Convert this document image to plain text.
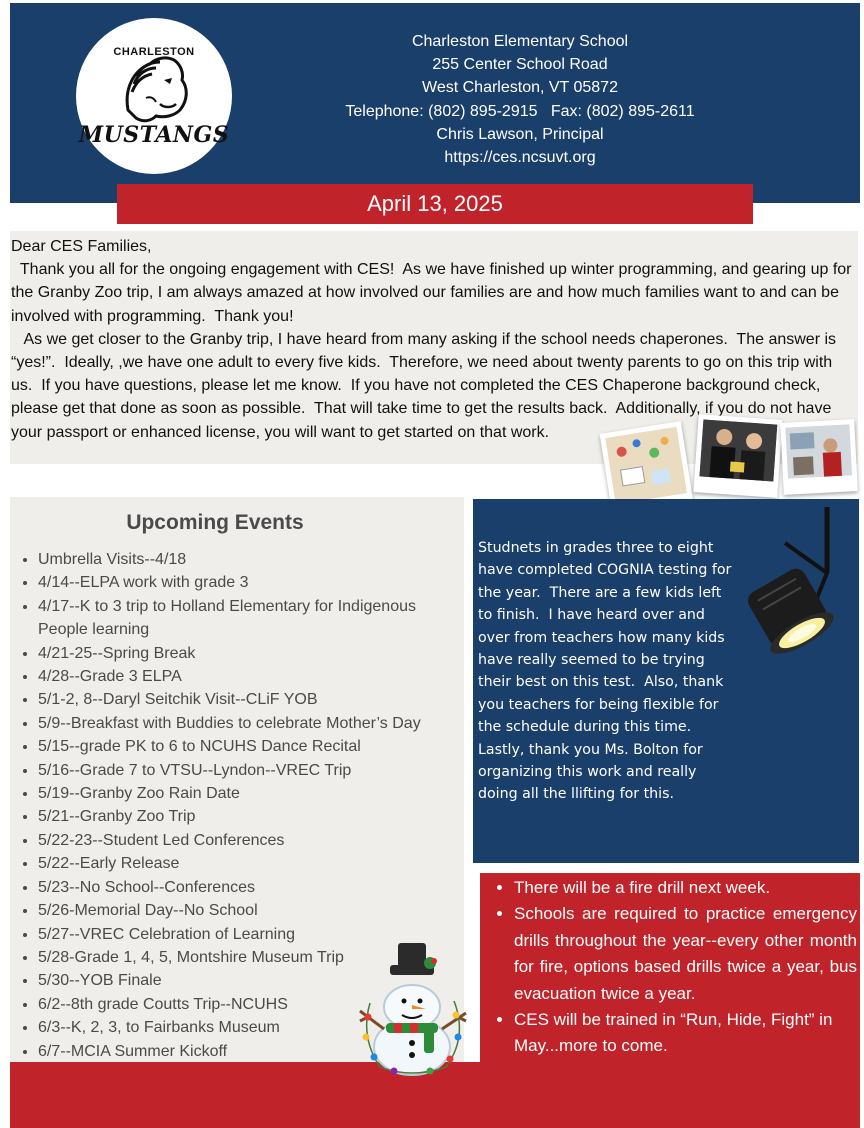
CHARLESTON
MUSTANGS
Charleston Elementary School
255 Center School Road
West Charleston, VT 05872
Telephone: (802) 895-2915   Fax: (802) 895-2611
Chris Lawson, Principal
https://ces.ncsuvt.org
April 13, 2025

Dear CES Families,

Thank you all for the ongoing engagement with CES!  As we have finished up winter programming, and gearing up for the Granby Zoo trip, I am always amazed at how involved our families are and how much families want to and can be involved with programming.  Thank you!

As we get closer to the Granby trip, I have heard from many asking if the school needs chaperones.  The answer is “yes!”.  Ideally, ,we have one adult to every five kids.  Therefore, we need about twenty parents to go on this trip with us.  If you have questions, please let me know.  If you have not completed the CES Chaperone background check, please get that done as soon as possible.  That will take time to get the results back.  Additionally, if you do not have your passport or enhanced license, you will want to get started on that work.

Upcoming Events
• Umbrella Visits--4/18
• 4/14--ELPA work with grade 3
• 4/17--K to 3 trip to Holland Elementary for Indigenous People learning
• 4/21-25--Spring Break
• 4/28--Grade 3 ELPA
• 5/1-2, 8--Daryl Seitchik Visit--CLiF YOB
• 5/9--Breakfast with Buddies to celebrate Mother’s Day
• 5/15--grade PK to 6 to NCUHS Dance Recital
• 5/16--Grade 7 to VTSU--Lyndon--VREC Trip
• 5/19--Granby Zoo Rain Date
• 5/21--Granby Zoo Trip
• 5/22-23--Student Led Conferences
• 5/22--Early Release
• 5/23--No School--Conferences
• 5/26-Memorial Day--No School
• 5/27--VREC Celebration of Learning
• 5/28-Grade 1, 4, 5, Montshire Museum Trip
• 5/30--YOB Finale
• 6/2--8th grade Coutts Trip--NCUHS
• 6/3--K, 2, 3, to Fairbanks Museum
• 6/7--MCIA Summer Kickoff
Studnets in grades three to eight have completed COGNIA testing for the year.  There are a few kids left to finish.  I have heard over and over from teachers how many kids have really seemed to be trying their best on this test.  Also, thank you teachers for being flexible for the schedule during this time.  Lastly, thank you Ms. Bolton for organizing this work and really doing all the llifting for this.
• There will be a fire drill next week.
• Schools are required to practice emergency drills throughout the year--every other month for fire, options based drills twice a year, bus evacuation twice a year.
• CES will be trained in “Run, Hide, Fight” in May...more to come.
